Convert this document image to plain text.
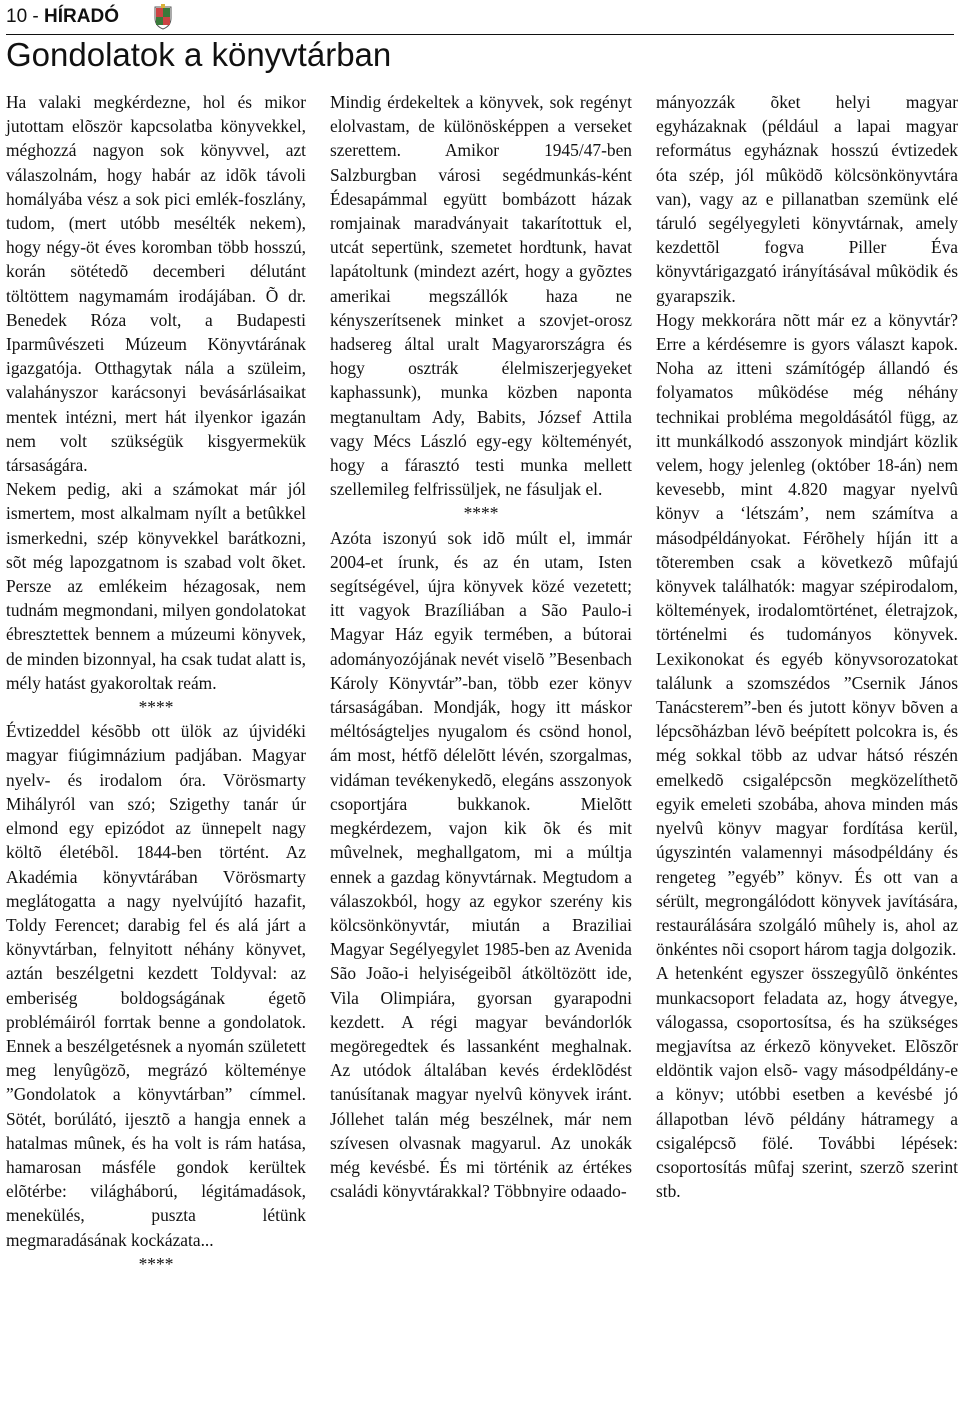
10 - HÍRADÓ
Gondolatok a könyvtárban

Ha valaki megkérdezne, hol és mikor jutottam elõször kapcsolatba könyvekkel, méghozzá nagyon sok könyvvel, azt válaszolnám, hogy habár az idõk távoli homályába vész a sok pici emlék-foszlány, tudom, (mert utóbb mesélték nekem), hogy négy-öt éves koromban több hosszú, korán sötétedõ decemberi délutánt töltöttem nagymamám irodájában. Õ dr. Benedek Róza volt, a Budapesti Iparmûvészeti Múzeum Könyvtárának igazgatója. Otthagytak nála a szüleim, valahányszor karácsonyi bevásárlásaikat mentek intézni, mert hát ilyenkor igazán nem volt szükségük kisgyermekük társaságára.

Nekem pedig, aki a számokat már jól ismertem, most alkalmam nyílt a betûkkel ismerkedni, szép könyvekkel barátkozni, sõt még lapozgatnom is szabad volt õket. Persze az emlékeim hézagosak, nem tudnám megmondani, milyen gondolatokat ébresztettek bennem a múzeumi könyvek, de minden bizonnyal, ha csak tudat alatt is, mély hatást gyakoroltak reám.

****

Évtizeddel késõbb ott ülök az újvidéki magyar fiúgimnázium padjában. Magyar nyelv- és irodalom óra. Vörösmarty Mihályról van szó; Szigethy tanár úr elmond egy epizódot az ünnepelt nagy költõ életébõl. 1844-ben történt. Az Akadémia könyvtárában Vörösmarty meglátogatta a nagy nyelvújító hazafit, Toldy Ferencet; darabig fel és alá járt a könyvtárban, felnyitott néhány könyvet, aztán beszélgetni kezdett Toldyval: az emberiség boldogságának égetõ problémáiról forrtak benne a gondolatok. Ennek a beszélgetésnek a nyomán született meg lenyûgözõ, megrázó költeménye ”Gondolatok a könyvtárban” címmel. Sötét, borúlátó, ijesztõ a hangja ennek a hatalmas mûnek, és ha volt is rám hatása, hamarosan másféle gondok kerültek elõtérbe: világháború, légitámadások, menekülés, puszta létünk megmaradásának kockázata...

****

Mindig érdekeltek a könyvek, sok regényt elolvastam, de különösképpen a verseket szerettem. Amikor 1945/47-ben Salzburgban városi segédmunkás-ként Édesapámmal együtt bombázott házak romjainak maradványait takarítottuk el, utcát sepertünk, szemetet hordtunk, havat lapátoltunk (mindezt azért, hogy a gyõztes amerikai megszállók haza ne kényszerítsenek minket a szovjet-orosz hadsereg által uralt Magyarországra és hogy osztrák élelmiszerjegyeket kaphassunk), munka közben naponta megtanultam Ady, Babits, József Attila vagy Mécs László egy-egy költeményét, hogy a fárasztó testi munka mellett szellemileg felfrissüljek, ne fásuljak el.

****

Azóta iszonyú sok idõ múlt el, immár 2004-et írunk, és az én utam, Isten segítségével, újra könyvek közé vezetett; itt vagyok Brazíliában a São Paulo-i Magyar Ház egyik termében, a bútorai adományozójának nevét viselõ ”Besenbach Károly Könyvtár”-ban, több ezer könyv társaságában. Mondják, hogy itt máskor méltóságteljes nyugalom és csönd honol, ám most, hétfõ délelõtt lévén, szorgalmas, vidáman tevékenykedõ, elegáns asszonyok csoportjára bukkanok. Mielõtt megkérdezem, vajon kik õk és mit mûvelnek, meghallgatom, mi a múltja ennek a gazdag könyvtárnak. Megtudom a válaszokból, hogy az egykor szerény kis kölcsönkönyvtár, miután a Braziliai Magyar Segélyegylet 1985-ben az Avenida São João-i helyiségeibõl átköltözött ide, Vila Olimpiára, gyorsan gyarapodni kezdett. A régi magyar bevándorlók megöregedtek és lassanként meghalnak. Az utódok általában kevés érdeklõdést tanúsítanak magyar nyelvû könyvek iránt. Jóllehet talán még beszélnek, már nem szívesen olvasnak magyarul. Az unokák még kevésbé. És mi történik az értékes családi könyvtárakkal? Többnyire odaado-

mányozzák õket helyi magyar egyházaknak (például a lapai magyar református egyháznak hosszú évtizedek óta szép, jól mûködõ kölcsönkönyvtára van), vagy az e pillanatban szemünk elé táruló segélyegyleti könyvtárnak, amely kezdettõl fogva Piller Éva könyvtárigazgató irányításával mûködik és gyarapszik.

Hogy mekkorára nõtt már ez a könyvtár? Erre a kérdésemre is gyors választ kapok. Noha az itteni számítógép állandó és folyamatos mûködése még néhány technikai probléma megoldásától függ, az itt munkálkodó asszonyok mindjárt közlik velem, hogy jelenleg (október 18-án) nem kevesebb, mint 4.820 magyar nyelvû könyv a ‘létszám’, nem számítva a másodpéldányokat. Férõhely híján itt a tõteremben csak a következõ mûfajú könyvek találhatók: magyar szépirodalom, költemények, irodalomtörténet, életrajzok, történelmi és tudományos könyvek. Lexikonokat és egyéb könyvsorozatokat találunk a szomszédos ”Csernik János Tanácsterem”-ben és jutott könyv bõven a lépcsõházban lévõ beépített polcokra is, és még sokkal több az udvar hátsó részén emelkedõ csigalépcsõn megközelíthetõ egyik emeleti szobába, ahova minden más nyelvû könyv magyar fordítása kerül, úgyszintén valamennyi másodpéldány és rengeteg ”egyéb” könyv. És ott van a sérült, megrongálódott könyvek javítására, restaurálására szolgáló mûhely is, ahol az önkéntes nõi csoport három tagja dolgozik.

A hetenként egyszer összegyûlõ önkéntes munkacsoport feladata az, hogy átvegye, válogassa, csoportosítsa, és ha szükséges megjavítsa az érkezõ könyveket. Elõszõr eldöntik vajon elsõ- vagy másodpéldány-e a könyv; utóbbi esetben a kevésbé jó állapotban lévõ példány hátramegy a csigalépcsõ fölé. További lépések: csoportosítás mûfaj szerint, szerzõ szerint stb.
